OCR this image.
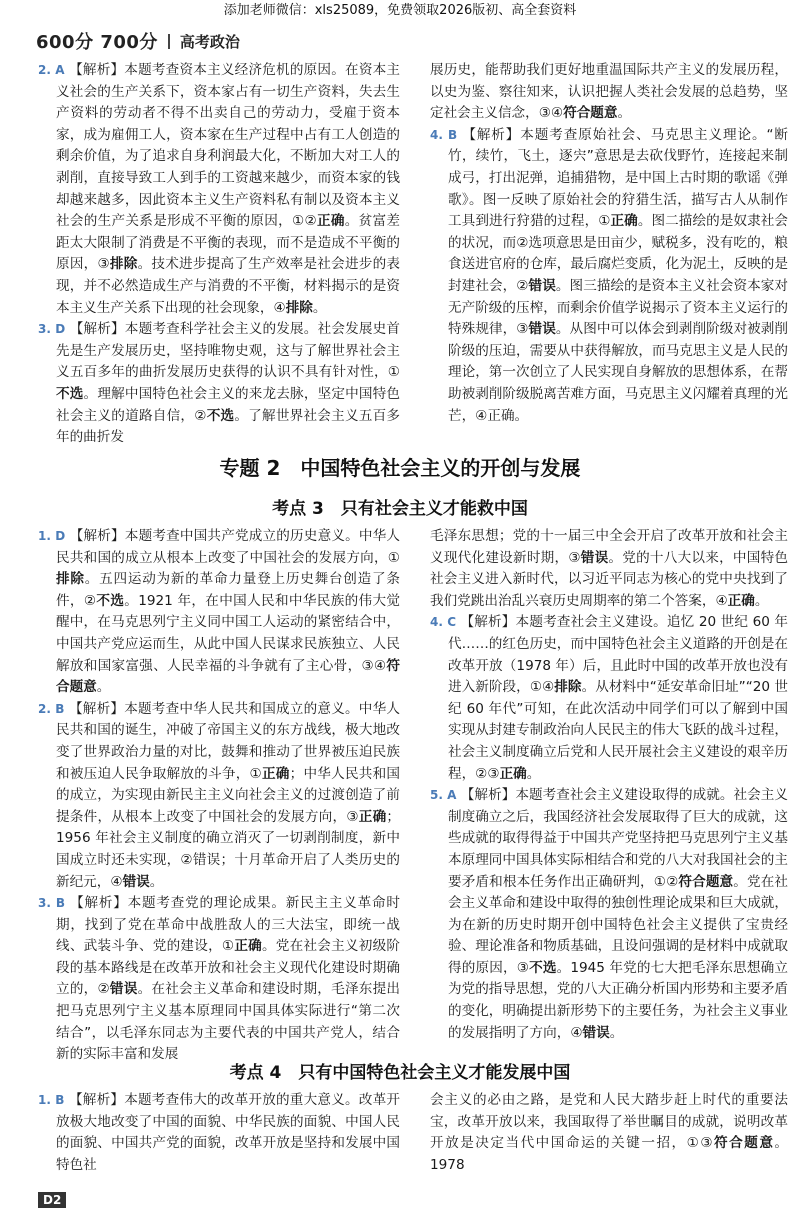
添加老师微信：xls25089，免费领取2026版初、高全套资料
600分 700分 高考政治

2. A 【解析】本题考查资本主义经济危机的原因。在资本主义社会的生产关系下，资本家占有一切生产资料，失去生产资料的劳动者不得不出卖自己的劳动力，受雇于资本家，成为雇佣工人，资本家在生产过程中占有工人创造的剩余价值，为了追求自身利润最大化，不断加大对工人的剥削，直接导致工人到手的工资越来越少，而资本家的钱却越来越多，因此资本主义生产资料私有制以及资本主义社会的生产关系是形成不平衡的原因，①②正确。贫富差距太大限制了消费是不平衡的表现，而不是造成不平衡的原因，③排除。技术进步提高了生产效率是社会进步的表现，并不必然造成生产与消费的不平衡，材料揭示的是资本主义生产关系下出现的社会现象，④排除。

3. D 【解析】本题考查科学社会主义的发展。社会发展史首先是生产发展历史，坚持唯物史观，这与了解世界社会主义五百多年的曲折发展历史获得的认识不具有针对性，①不选。理解中国特色社会主义的来龙去脉，坚定中国特色社会主义的道路自信，②不选。了解世界社会主义五百多年的曲折发

展历史，能帮助我们更好地重温国际共产主义的发展历程，以史为鉴、察往知来，认识把握人类社会发展的总趋势，坚定社会主义信念，③④符合题意。

4. B 【解析】本题考查原始社会、马克思主义理论。“断竹，续竹，飞土，逐宍”意思是去砍伐野竹，连接起来制成弓，打出泥弹，追捕猎物，是中国上古时期的歌谣《弹歌》。图一反映了原始社会的狩猎生活，描写古人从制作工具到进行狩猎的过程，①正确。图二描绘的是奴隶社会的状况，而②选项意思是田亩少，赋税多，没有吃的，粮食送进官府的仓库，最后腐烂变质，化为泥土，反映的是封建社会，②错误。图三描绘的是资本主义社会资本家对无产阶级的压榨，而剩余价值学说揭示了资本主义运行的特殊规律，③错误。从图中可以体会到剥削阶级对被剥削阶级的压迫，需要从中获得解放，而马克思主义是人民的理论，第一次创立了人民实现自身解放的思想体系，在帮助被剥削阶级脱离苦难方面，马克思主义闪耀着真理的光芒，④正确。

专题 2　中国特色社会主义的开创与发展
考点 3　只有社会主义才能救中国

1. D 【解析】本题考查中国共产党成立的历史意义。中华人民共和国的成立从根本上改变了中国社会的发展方向，①排除。五四运动为新的革命力量登上历史舞台创造了条件，②不选。1921 年，在中国人民和中华民族的伟大觉醒中，在马克思列宁主义同中国工人运动的紧密结合中，中国共产党应运而生，从此中国人民谋求民族独立、人民解放和国家富强、人民幸福的斗争就有了主心骨，③④符合题意。

2. B 【解析】本题考查中华人民共和国成立的意义。中华人民共和国的诞生，冲破了帝国主义的东方战线，极大地改变了世界政治力量的对比，鼓舞和推动了世界被压迫民族和被压迫人民争取解放的斗争，①正确；中华人民共和国的成立，为实现由新民主主义向社会主义的过渡创造了前提条件，从根本上改变了中国社会的发展方向，③正确；1956 年社会主义制度的确立消灭了一切剥削制度，新中国成立时还未实现，②错误；十月革命开启了人类历史的新纪元，④错误。

3. B 【解析】本题考查党的理论成果。新民主主义革命时期，找到了党在革命中战胜敌人的三大法宝，即统一战线、武装斗争、党的建设，①正确。党在社会主义初级阶段的基本路线是在改革开放和社会主义现代化建设时期确立的，②错误。在社会主义革命和建设时期，毛泽东提出把马克思列宁主义基本原理同中国具体实际进行“第二次结合”，以毛泽东同志为主要代表的中国共产党人，结合新的实际丰富和发展

毛泽东思想；党的十一届三中全会开启了改革开放和社会主义现代化建设新时期，③错误。党的十八大以来，中国特色社会主义进入新时代，以习近平同志为核心的党中央找到了我们党跳出治乱兴衰历史周期率的第二个答案，④正确。

4. C 【解析】本题考查社会主义建设。追忆 20 世纪 60 年代……的红色历史，而中国特色社会主义道路的开创是在改革开放（1978 年）后，且此时中国的改革开放也没有进入新阶段，①④排除。从材料中“延安革命旧址”“20 世纪 60 年代”可知，在此次活动中同学们可以了解到中国实现从封建专制政治向人民民主的伟大飞跃的战斗过程，社会主义制度确立后党和人民开展社会主义建设的艰辛历程，②③正确。

5. A 【解析】本题考查社会主义建设取得的成就。社会主义制度确立之后，我国经济社会发展取得了巨大的成就，这些成就的取得得益于中国共产党坚持把马克思列宁主义基本原理同中国具体实际相结合和党的八大对我国社会的主要矛盾和根本任务作出正确研判，①②符合题意。党在社会主义革命和建设中取得的独创性理论成果和巨大成就，为在新的历史时期开创中国特色社会主义提供了宝贵经验、理论准备和物质基础，且设问强调的是材料中成就取得的原因，③不选。1945 年党的七大把毛泽东思想确立为党的指导思想，党的八大正确分析国内形势和主要矛盾的变化，明确提出新形势下的主要任务，为社会主义事业的发展指明了方向，④错误。

考点 4　只有中国特色社会主义才能发展中国

1. B 【解析】本题考查伟大的改革开放的重大意义。改革开放极大地改变了中国的面貌、中华民族的面貌、中国人民的面貌、中国共产党的面貌，改革开放是坚持和发展中国特色社

会主义的必由之路，是党和人民大踏步赶上时代的重要法宝，改革开放以来，我国取得了举世瞩目的成就，说明改革开放是决定当代中国命运的关键一招，①③符合题意。1978

D2
